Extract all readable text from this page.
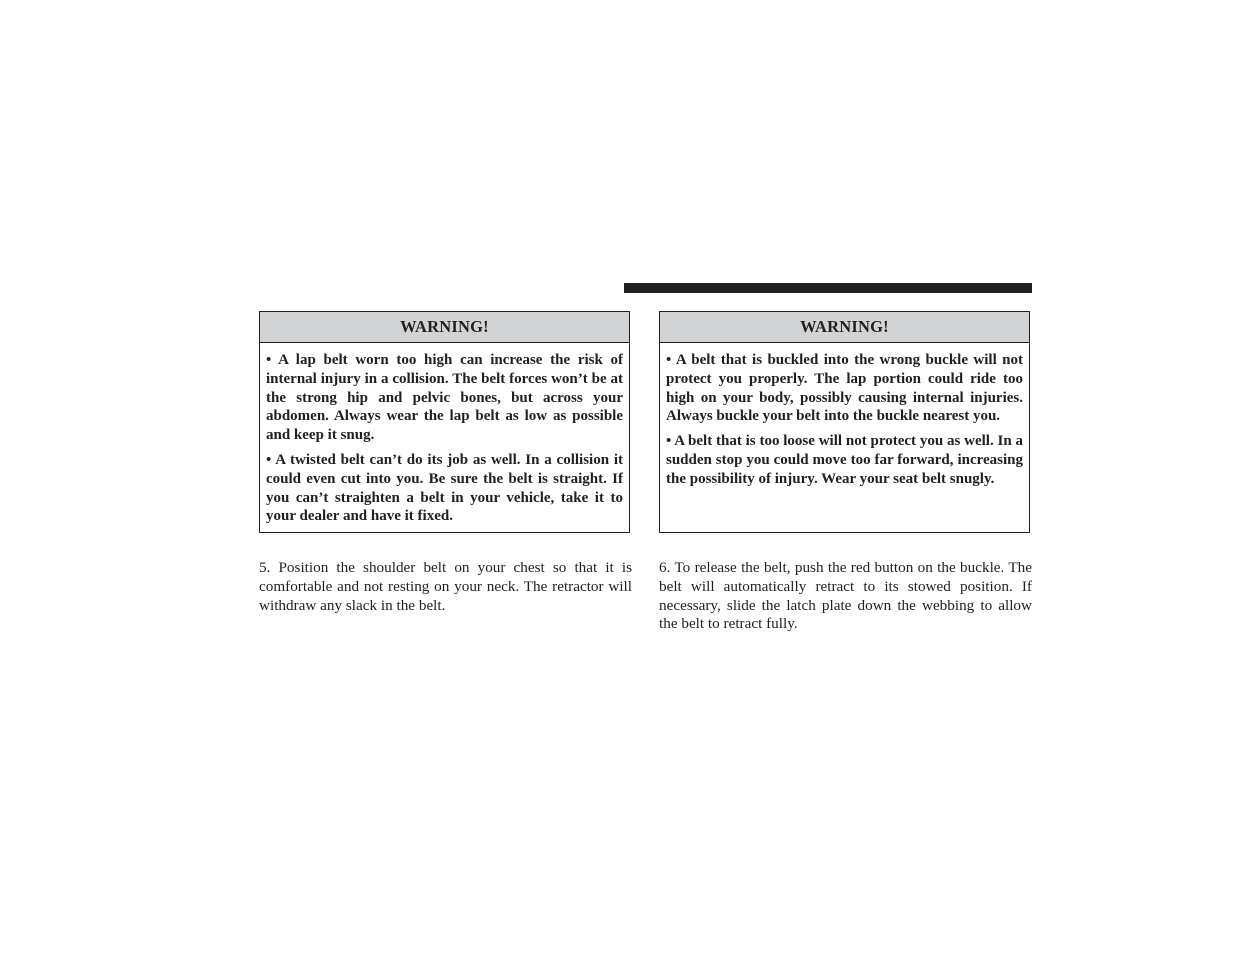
WARNING!

• A lap belt worn too high can increase the risk of internal injury in a collision. The belt forces won’t be at the strong hip and pelvic bones, but across your abdomen. Always wear the lap belt as low as possible and keep it snug.

• A twisted belt can’t do its job as well. In a collision it could even cut into you. Be sure the belt is straight. If you can’t straighten a belt in your vehicle, take it to your dealer and have it fixed.

WARNING!

• A belt that is buckled into the wrong buckle will not protect you properly. The lap portion could ride too high on your body, possibly causing internal injuries. Always buckle your belt into the buckle nearest you.

• A belt that is too loose will not protect you as well. In a sudden stop you could move too far forward, increasing the possibility of injury. Wear your seat belt snugly.

5. Position the shoulder belt on your chest so that it is comfortable and not resting on your neck. The retractor will withdraw any slack in the belt.

6. To release the belt, push the red button on the buckle. The belt will automatically retract to its stowed position. If necessary, slide the latch plate down the webbing to allow the belt to retract fully.
